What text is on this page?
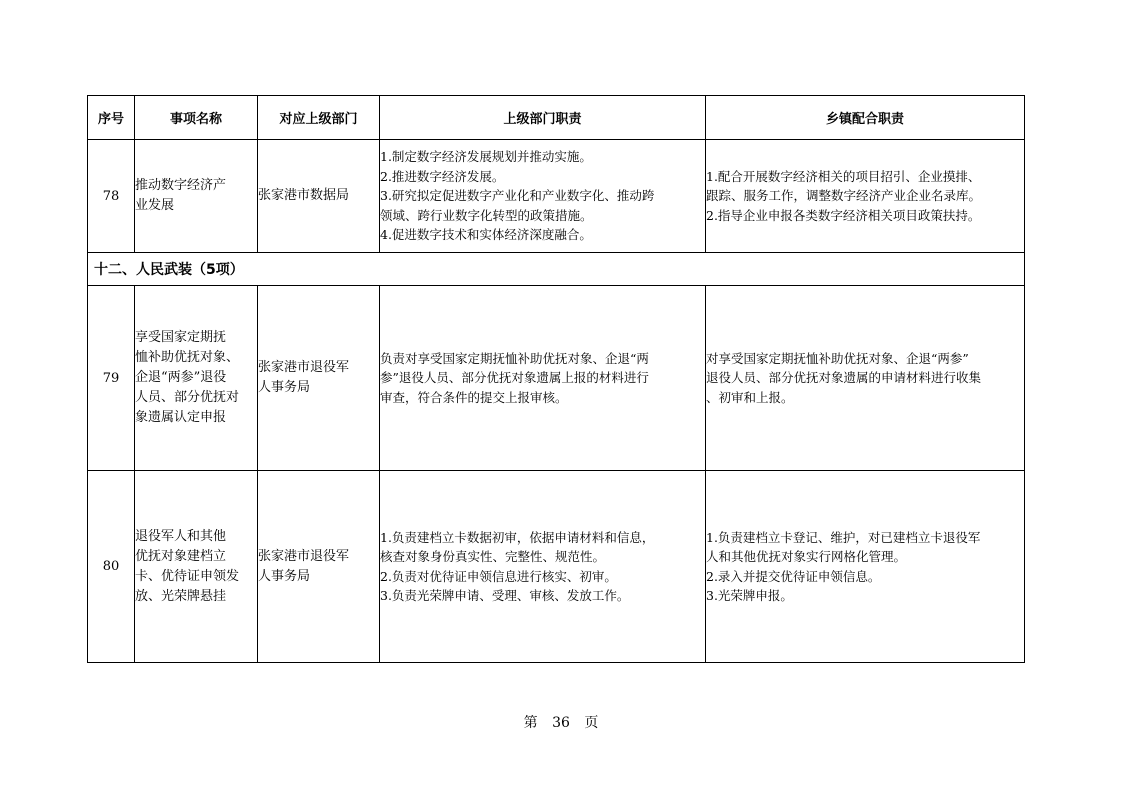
序号	事项名称	对应上级部门	上级部门职责	乡镇配合职责
78	推动数字经济产
业发展	张家港市数据局	1.制定数字经济发展规划并推动实施。
2.推进数字经济发展。
3.研究拟定促进数字产业化和产业数字化、推动跨
领域、跨行业数字化转型的政策措施。
4.促进数字技术和实体经济深度融合。	1.配合开展数字经济相关的项目招引、企业摸排、
跟踪、服务工作，调整数字经济产业企业名录库。
2.指导企业申报各类数字经济相关项目政策扶持。

十二、人民武装（5项）				
79	享受国家定期抚
恤补助优抚对象、
企退“两参”退役
人员、部分优抚对
象遗属认定申报	张家港市退役军
人事务局	负责对享受国家定期抚恤补助优抚对象、企退“两
参”退役人员、部分优抚对象遗属上报的材料进行
审查，符合条件的提交上报审核。	对享受国家定期抚恤补助优抚对象、企退“两参”
退役人员、部分优抚对象遗属的申请材料进行收集
、初审和上报。

80	退役军人和其他
优抚对象建档立
卡、优待证申领发
放、光荣牌悬挂	张家港市退役军
人事务局	1.负责建档立卡数据初审，依据申请材料和信息，
核查对象身份真实性、完整性、规范性。
2.负责对优待证申领信息进行核实、初审。
3.负责光荣牌申请、受理、审核、发放工作。	1.负责建档立卡登记、维护，对已建档立卡退役军
人和其他优抚对象实行网格化管理。
2.录入并提交优待证申领信息。
3.光荣牌申报。
第 36 页
